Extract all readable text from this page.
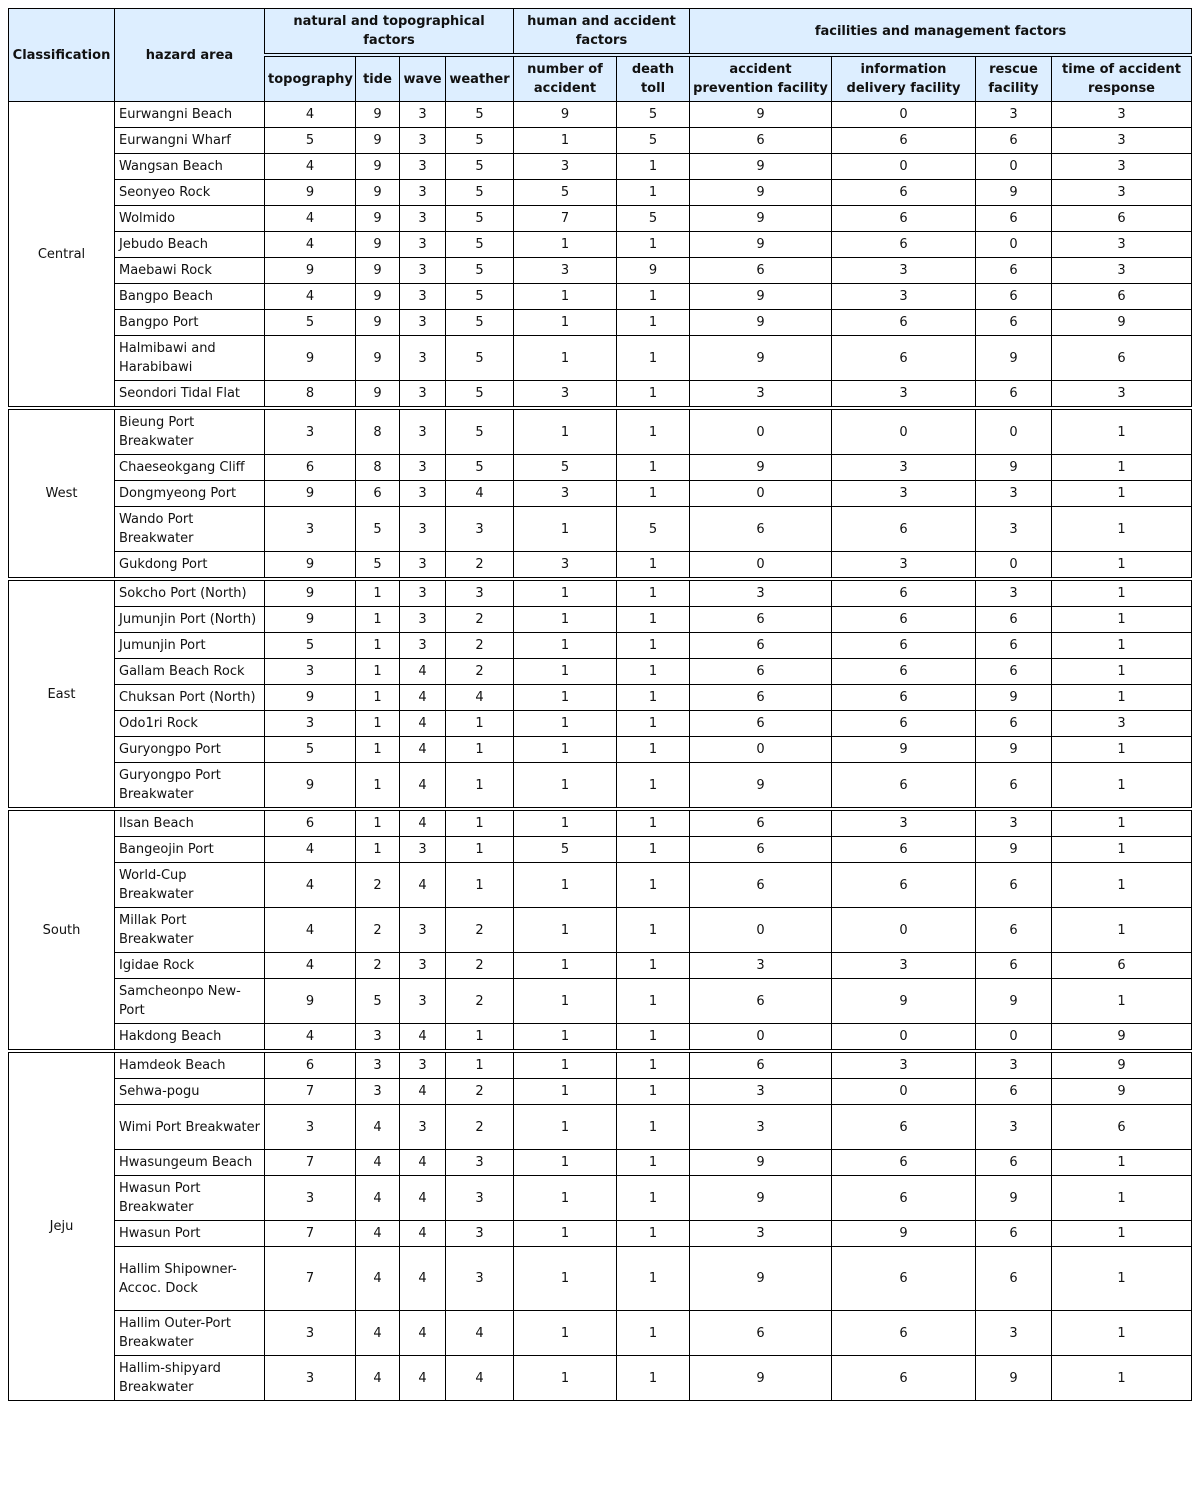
Classification	hazard area	natural and topographical factors				human and accident factors		facilities and management factors			
		topography	tide	wave	weather	number of accident	death toll	accident prevention facility	information delivery facility	rescue facility	time of accident response
Central	Eurwangni Beach	4	9	3	5	9	5	9	0	3	3
	Eurwangni Wharf	5	9	3	5	1	5	6	6	6	3
	Wangsan Beach	4	9	3	5	3	1	9	0	0	3
	Seonyeo Rock	9	9	3	5	5	1	9	6	9	3
	Wolmido	4	9	3	5	7	5	9	6	6	6
	Jebudo Beach	4	9	3	5	1	1	9	6	0	3
	Maebawi Rock	9	9	3	5	3	9	6	3	6	3
	Bangpo Beach	4	9	3	5	1	1	9	3	6	6
	Bangpo Port	5	9	3	5	1	1	9	6	6	9
	Halmibawi and Harabibawi	9	9	3	5	1	1	9	6	9	6
	Seondori Tidal Flat	8	9	3	5	3	1	3	3	6	3
West	Bieung Port Breakwater	3	8	3	5	1	1	0	0	0	1
	Chaeseokgang Cliff	6	8	3	5	5	1	9	3	9	1
	Dongmyeong Port	9	6	3	4	3	1	0	3	3	1
	Wando Port Breakwater	3	5	3	3	1	5	6	6	3	1
	Gukdong Port	9	5	3	2	3	1	0	3	0	1
East	Sokcho Port (North)	9	1	3	3	1	1	3	6	3	1
	Jumunjin Port (North)	9	1	3	2	1	1	6	6	6	1
	Jumunjin Port	5	1	3	2	1	1	6	6	6	1
	Gallam Beach Rock	3	1	4	2	1	1	6	6	6	1
	Chuksan Port (North)	9	1	4	4	1	1	6	6	9	1
	Odo1ri Rock	3	1	4	1	1	1	6	6	6	3
	Guryongpo Port	5	1	4	1	1	1	0	9	9	1
	Guryongpo Port Breakwater	9	1	4	1	1	1	9	6	6	1
South	Ilsan Beach	6	1	4	1	1	1	6	3	3	1
	Bangeojin Port	4	1	3	1	5	1	6	6	9	1
	World-Cup Breakwater	4	2	4	1	1	1	6	6	6	1
	Millak Port Breakwater	4	2	3	2	1	1	0	0	6	1
	Igidae Rock	4	2	3	2	1	1	3	3	6	6
	Samcheonpo New-Port	9	5	3	2	1	1	6	9	9	1
	Hakdong Beach	4	3	4	1	1	1	0	0	0	9
Jeju	Hamdeok Beach	6	3	3	1	1	1	6	3	3	9
	Sehwa-pogu	7	3	4	2	1	1	3	0	6	9
	Wimi Port Breakwater	3	4	3	2	1	1	3	6	3	6
	Hwasungeum Beach	7	4	4	3	1	1	9	6	6	1
	Hwasun Port Breakwater	3	4	4	3	1	1	9	6	9	1
	Hwasun Port	7	4	4	3	1	1	3	9	6	1
	Hallim Shipowner-Accoc. Dock	7	4	4	3	1	1	9	6	6	1
	Hallim Outer-Port Breakwater	3	4	4	4	1	1	6	6	3	1
	Hallim-shipyard Breakwater	3	4	4	4	1	1	9	6	9	1
